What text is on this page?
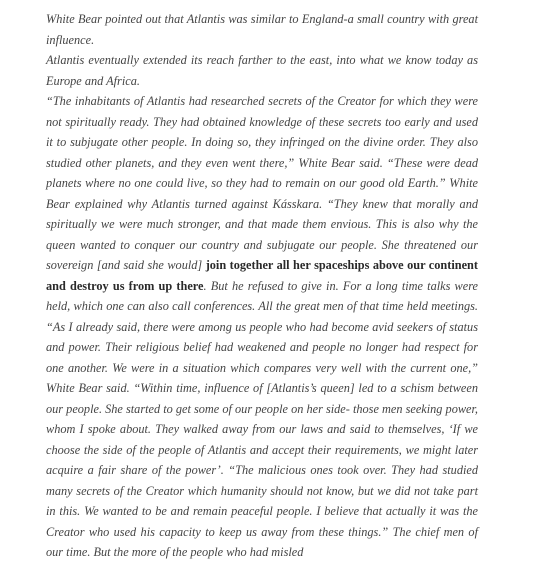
White Bear pointed out that Atlantis was similar to England-a small country with great influence.

Atlantis eventually extended its reach farther to the east, into what we know today as Europe and Africa.

“The inhabitants of Atlantis had researched secrets of the Creator for which they were not spiritually ready. They had obtained knowledge of these secrets too early and used it to subjugate other people. In doing so, they infringed on the divine order. They also studied other planets, and they even went there,” White Bear said. “These were dead planets where no one could live, so they had to remain on our good old Earth.” White Bear explained why Atlantis turned against Kásskara. “They knew that morally and spiritually we were much stronger, and that made them envious. This is also why the queen wanted to conquer our country and subjugate our people. She threatened our sovereign [and said she would] join together all her spaceships above our continent and destroy us from up there. But he refused to give in. For a long time talks were held, which one can also call conferences. All the great men of that time held meetings. “As I already said, there were among us people who had become avid seekers of status and power. Their religious belief had weakened and people no longer had respect for one another. We were in a situation which compares very well with the current one,” White Bear said. “Within time, influence of [Atlantis’s queen] led to a schism between our people. She started to get some of our people on her side- those men seeking power, whom I spoke about. They walked away from our laws and said to themselves, ‘If we choose the side of the people of Atlantis and accept their requirements, we might later acquire a fair share of the power’. “The malicious ones took over. They had studied many secrets of the Creator which humanity should not know, but we did not take part in this. We wanted to be and remain peaceful people. I believe that actually it was the Creator who used his capacity to keep us away from these things.” The chief men of our time. But the more of the people who had misled
